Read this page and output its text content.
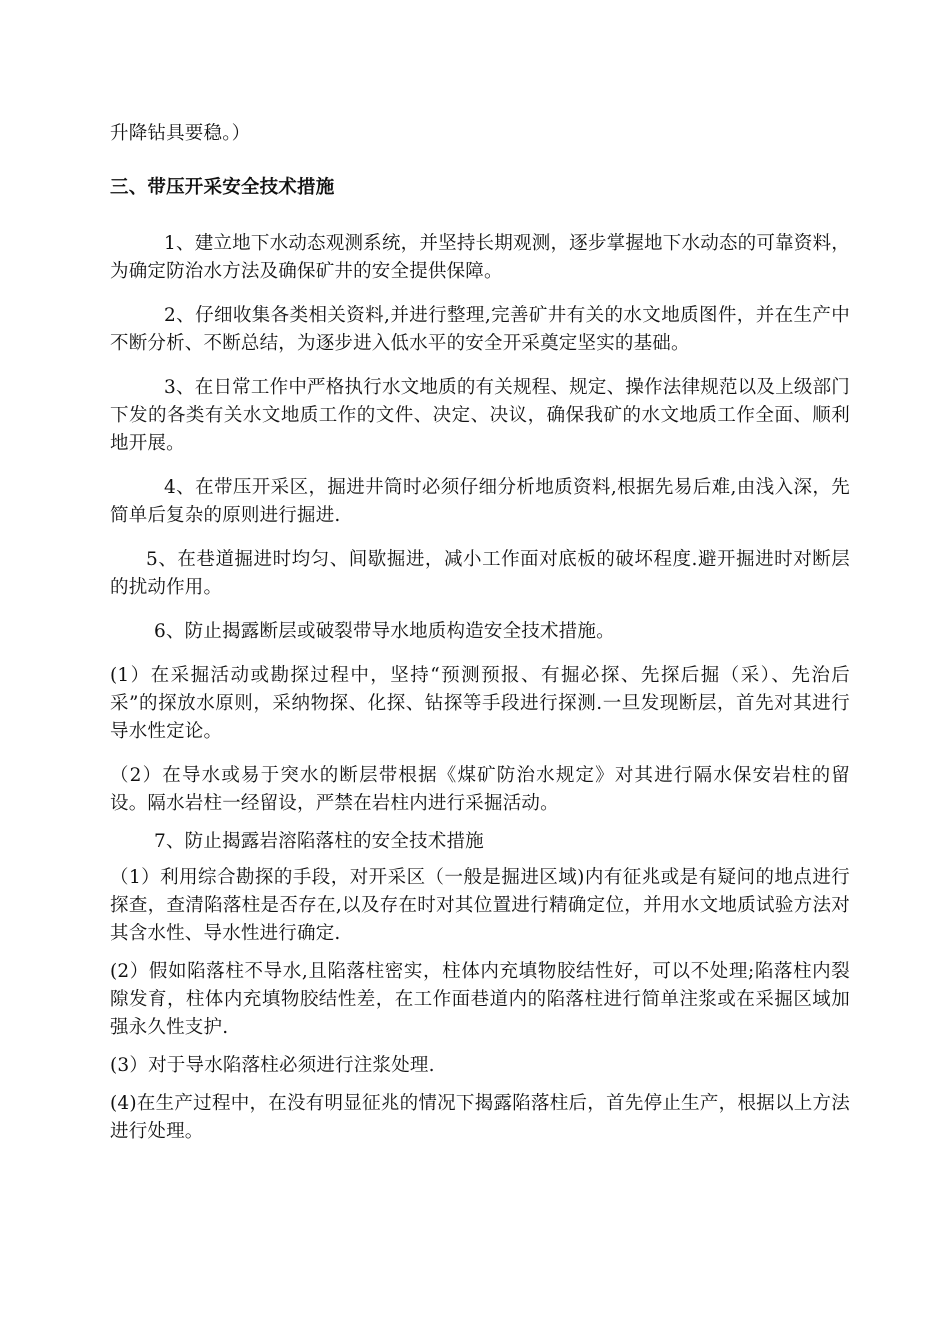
升降钻具要稳。）

三、带压开采安全技术措施

1、建立地下水动态观测系统，并坚持长期观测，逐步掌握地下水动态的可靠资料，为确定防治水方法及确保矿井的安全提供保障。

2、仔细收集各类相关资料,并进行整理,完善矿井有关的水文地质图件，并在生产中不断分析、不断总结，为逐步进入低水平的安全开采奠定坚实的基础。

3、在日常工作中严格执行水文地质的有关规程、规定、操作法律规范以及上级部门下发的各类有关水文地质工作的文件、决定、决议，确保我矿的水文地质工作全面、顺利地开展。

4、在带压开采区，掘进井筒时必须仔细分析地质资料,根据先易后难,由浅入深，先简单后复杂的原则进行掘进.

5、在巷道掘进时均匀、间歇掘进，减小工作面对底板的破坏程度.避开掘进时对断层的扰动作用。

6、防止揭露断层或破裂带导水地质构造安全技术措施。

(1）在采掘活动或勘探过程中，坚持“预测预报、有掘必探、先探后掘（采）、先治后采”的探放水原则，采纳物探、化探、钻探等手段进行探测.一旦发现断层，首先对其进行导水性定论。

（2）在导水或易于突水的断层带根据《煤矿防治水规定》对其进行隔水保安岩柱的留设。隔水岩柱一经留设，严禁在岩柱内进行采掘活动。

7、防止揭露岩溶陷落柱的安全技术措施

（1）利用综合勘探的手段，对开采区（一般是掘进区域)内有征兆或是有疑问的地点进行探查，查清陷落柱是否存在,以及存在时对其位置进行精确定位，并用水文地质试验方法对其含水性、导水性进行确定.

(2）假如陷落柱不导水,且陷落柱密实，柱体内充填物胶结性好，可以不处理;陷落柱内裂隙发育，柱体内充填物胶结性差，在工作面巷道内的陷落柱进行简单注浆或在采掘区域加强永久性支护.

(3）对于导水陷落柱必须进行注浆处理.

(4)在生产过程中，在没有明显征兆的情况下揭露陷落柱后，首先停止生产，根据以上方法进行处理。
